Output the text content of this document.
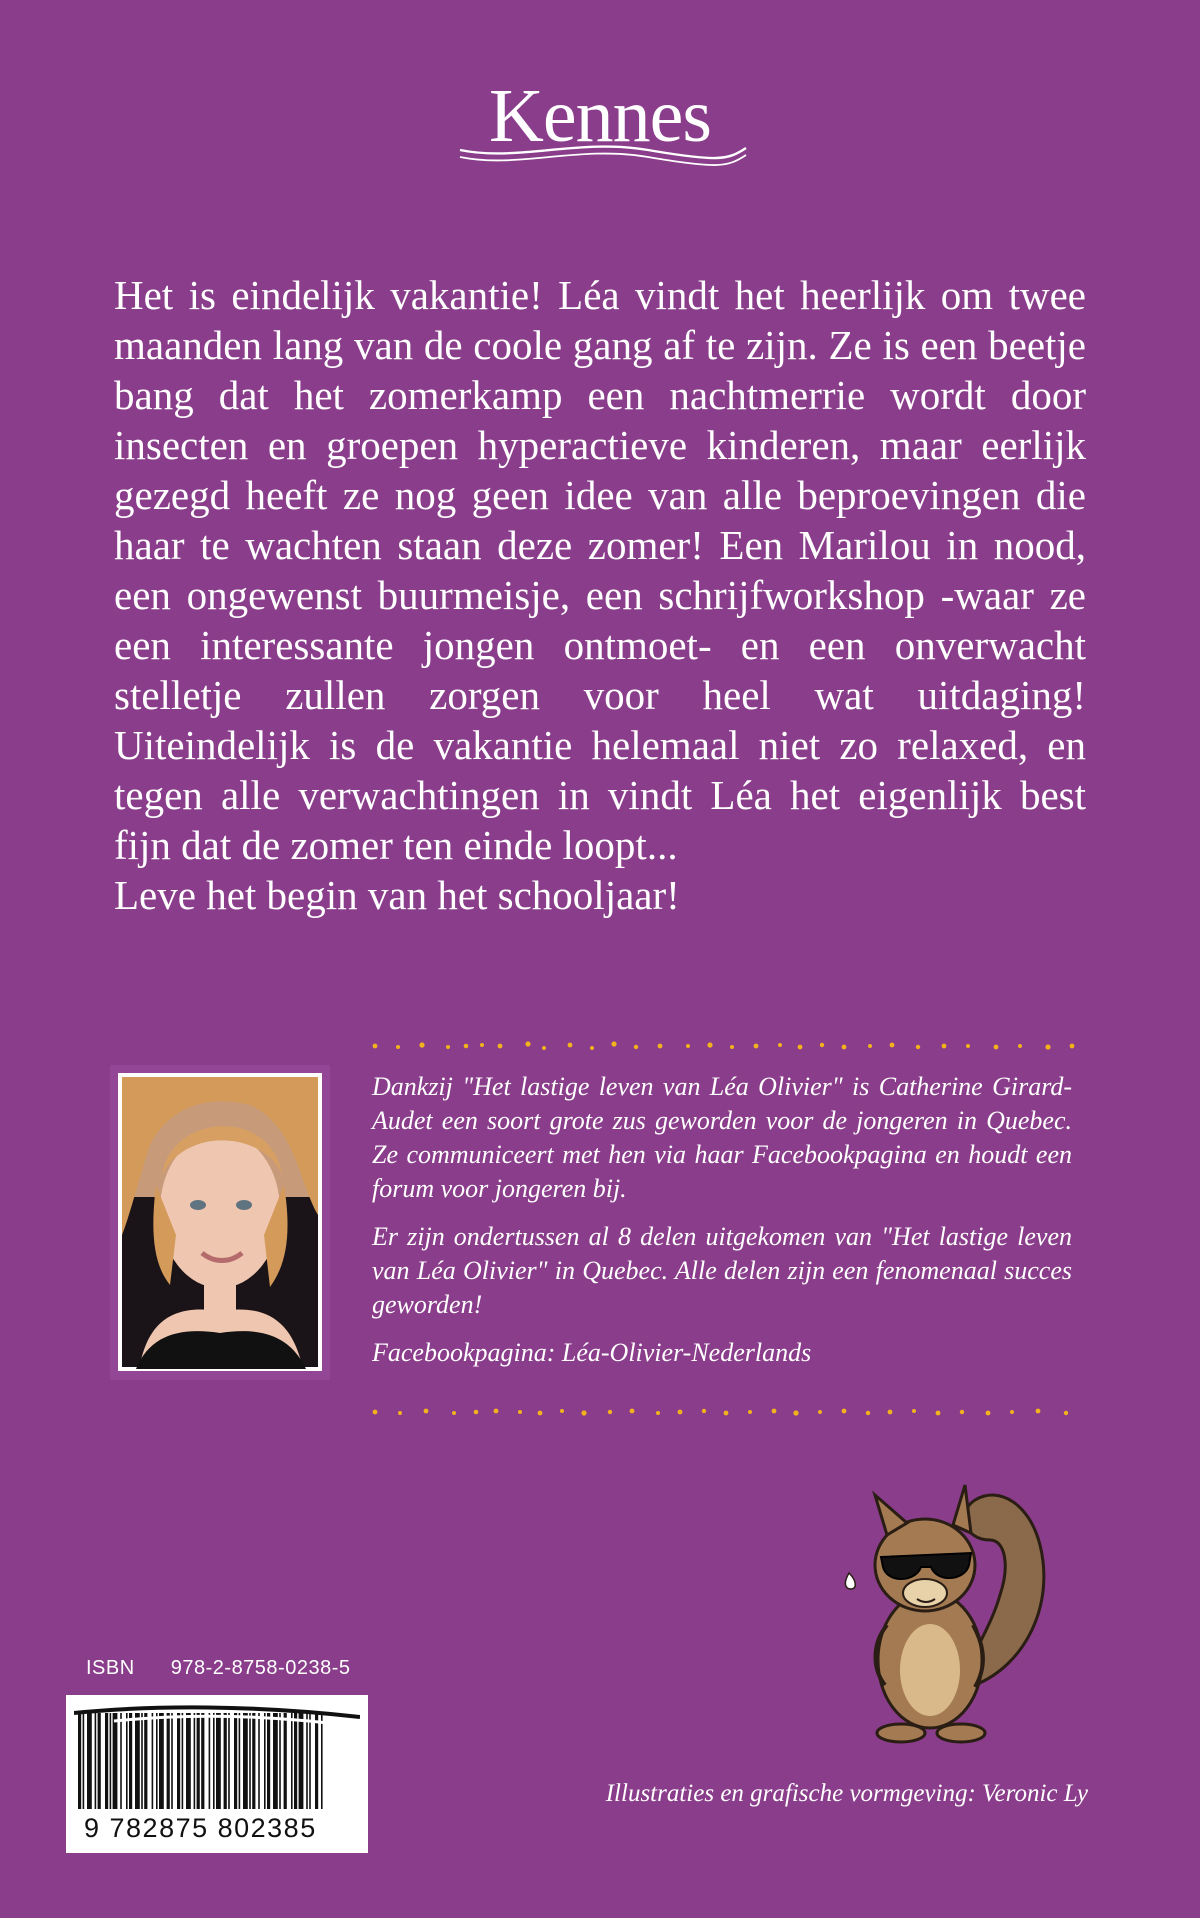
Kennes

Het is eindelijk vakantie! Léa vindt het heerlijk om twee maanden lang van de coole gang af te zijn. Ze is een beetje bang dat het zomerkamp een nachtmerrie wordt door insecten en groepen hyperactieve kinderen, maar eerlijk gezegd heeft ze nog geen idee van alle beproevingen die haar te wachten staan deze zomer! Een Marilou in nood, een ongewenst buurmeisje, een schrijfworkshop -waar ze een interessante jongen ontmoet- en een onverwacht stelletje zullen zorgen voor heel wat uitdaging! Uiteindelijk is de vakantie helemaal niet zo relaxed, en tegen alle verwachtingen in vindt Léa het eigenlijk best fijn dat de zomer ten einde loopt...

Leve het begin van het schooljaar!

Dankzij "Het lastige leven van Léa Olivier" is Catherine Girard-Audet een soort grote zus geworden voor de jongeren in Quebec. Ze communiceert met hen via haar Facebookpagina en houdt een forum voor jongeren bij.

Er zijn ondertussen al 8 delen uitgekomen van "Het lastige leven van Léa Olivier" in Quebec. Alle delen zijn een fenomenaal succes geworden!

Facebookpagina: Léa-Olivier-Nederlands

Illustraties en grafische vormgeving: Veronic Ly
ISBN 978-2-8758-0238-5
9 782875 802385
